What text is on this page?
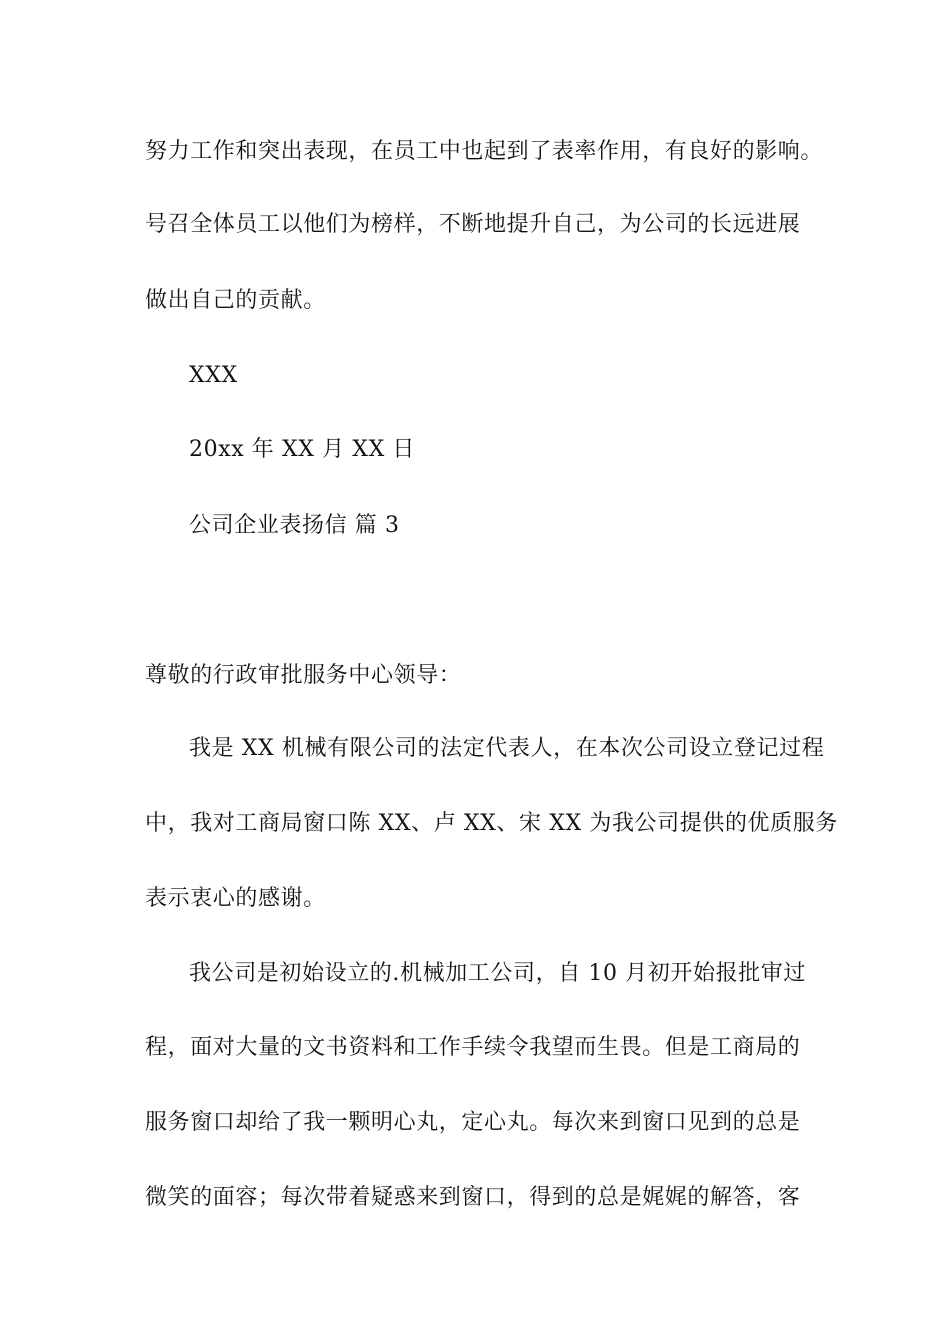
努力工作和突出表现，在员工中也起到了表率作用，有良好的影响。
号召全体员工以他们为榜样，不断地提升自己，为公司的长远进展
做出自己的贡献。
XXX
20xx 年 XX 月 XX 日
公司企业表扬信 篇 3
尊敬的行政审批服务中心领导：
我是 XX 机械有限公司的法定代表人，在本次公司设立登记过程
中，我对工商局窗口陈 XX、卢 XX、宋 XX 为我公司提供的优质服务
表示衷心的感谢。
我公司是初始设立的.机械加工公司，自 10 月初开始报批审过
程，面对大量的文书资料和工作手续令我望而生畏。但是工商局的
服务窗口却给了我一颗明心丸，定心丸。每次来到窗口见到的总是
微笑的面容；每次带着疑惑来到窗口，得到的总是娓娓的解答，客
